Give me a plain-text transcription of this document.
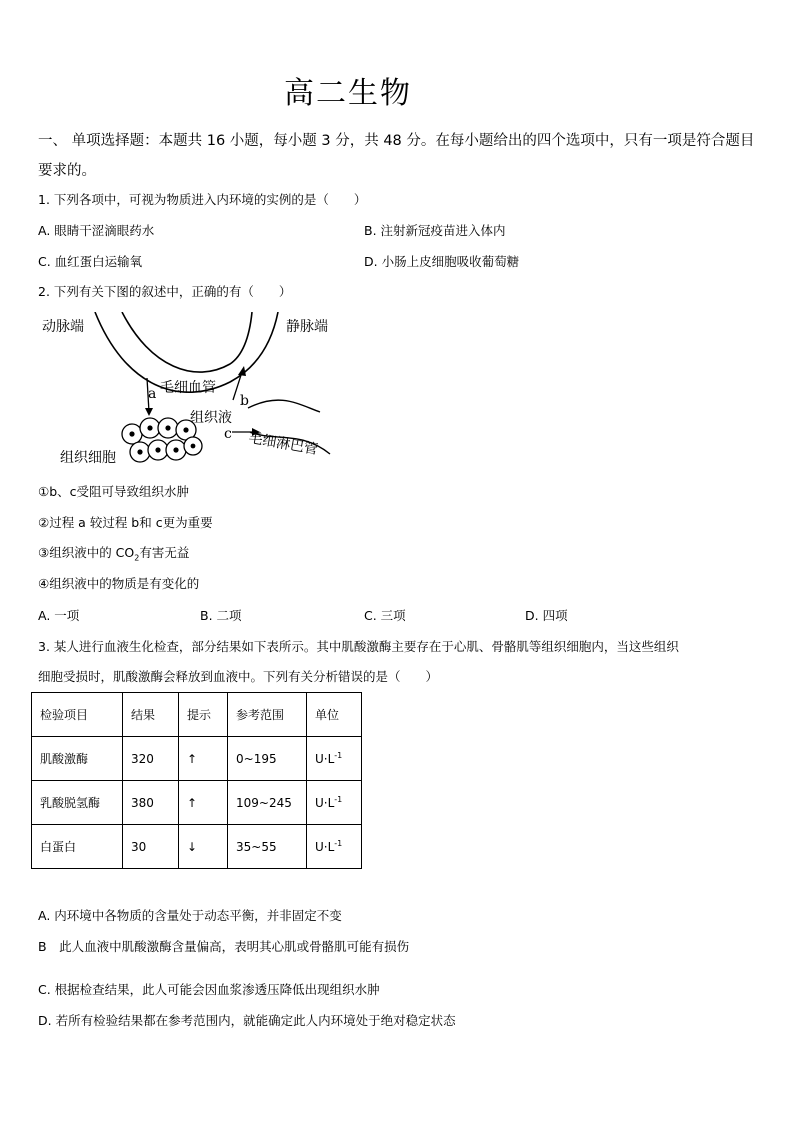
高二生物
一、 单项选择题：本题共 16 小题，每小题 3 分，共 48 分。在每小题给出的四个选项中，只有一项是符合题目要求的。
1. 下列各项中，可视为物质进入内环境的实例的是（　　）
A. 眼睛干涩滴眼药水	B. 注射新冠疫苗进入体内
C. 血红蛋白运输氧	D. 小肠上皮细胞吸收葡萄糖
2. 下列有关下图的叙述中，正确的有（　　）
动脉端	静脉端
毛细血管
组织液
毛细淋巴管
组织细胞
a	b
c
①b、c受阻可导致组织水肿
②过程 a 较过程 b和 c更为重要
③组织液中的 $CO_2$有害无益
④组织液中的物质是有变化的
A. 一项	B. 二项	C. 三项	D. 四项
3. 某人进行血液生化检查，部分结果如下表所示。其中肌酸激酶主要存在于心肌、骨骼肌等组织细胞内，当这些组织
细胞受损时，肌酸激酶会释放到血液中。下列有关分析错误的是（　　）
检验项目	结果	提示	参考范围	单位
肌酸激酶	320	↑	0~195	$U\cdot L^{-1}$
乳酸脱氢酶	380	↑	109~245	$U\cdot L^{-1}$
白蛋白	30	↓	35~55	$U\cdot L^{-1}$
A. 内环境中各物质的含量处于动态平衡，并非固定不变
B　此人血液中肌酸激酶含量偏高，表明其心肌或骨骼肌可能有损伤
C. 根据检查结果，此人可能会因血浆渗透压降低出现组织水肿
D. 若所有检验结果都在参考范围内，就能确定此人内环境处于绝对稳定状态
